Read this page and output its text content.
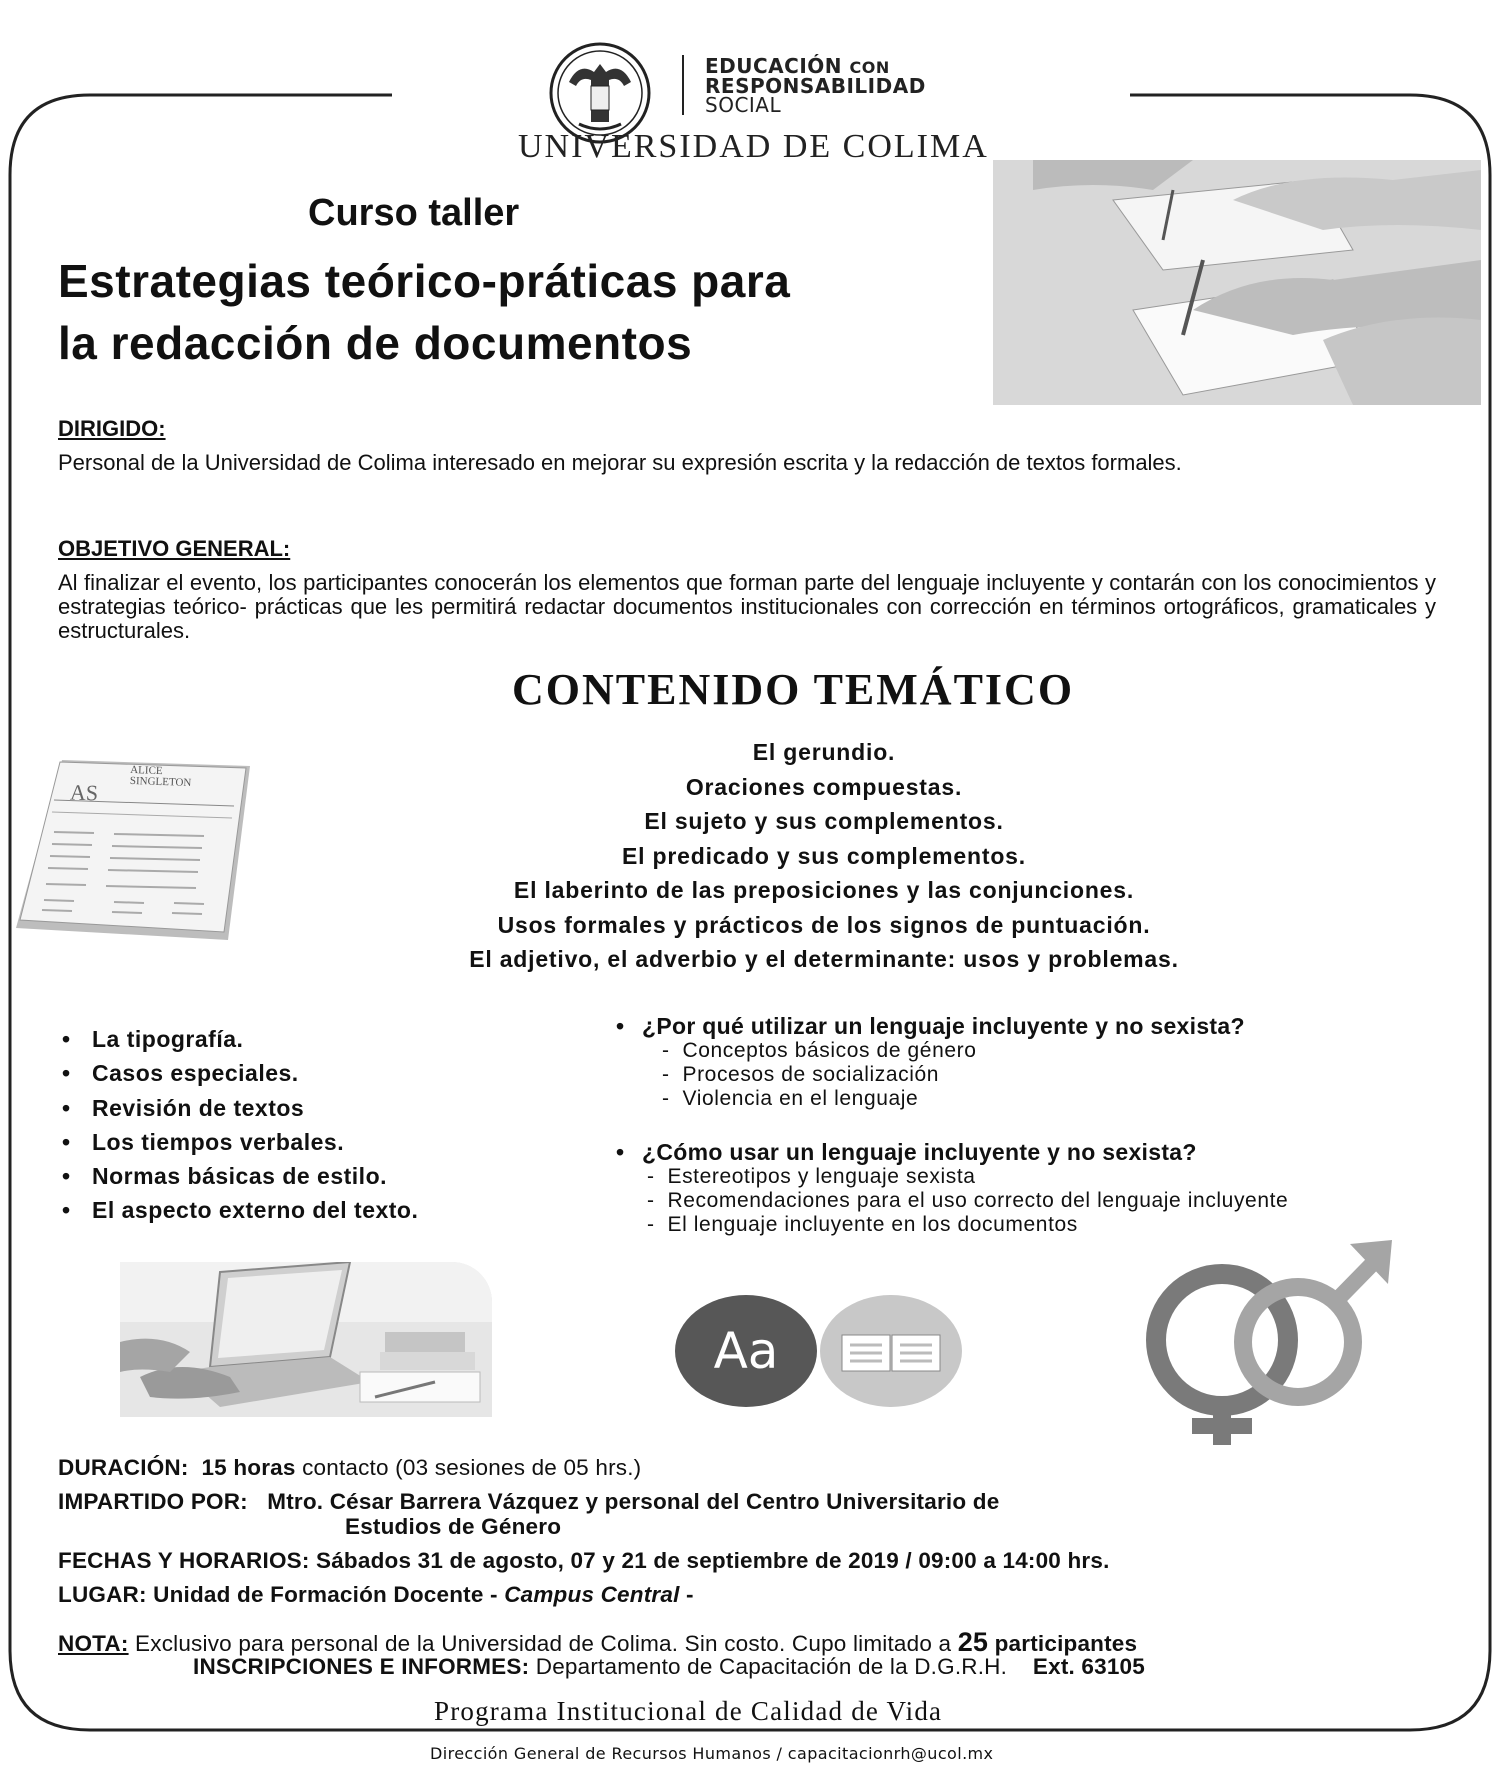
EDUCACIÓN CON
RESPONSABILIDAD
SOCIAL
UNIVERSIDAD DE COLIMA
Curso taller
Estrategias teórico-práticas para
la redacción de documentos
DIRIGIDO:
Personal de la Universidad de Colima interesado en mejorar su expresión escrita y la redacción de textos formales.
OBJETIVO GENERAL:
Al finalizar el evento, los participantes conocerán los elementos que forman parte del lenguaje incluyente y contarán con los conocimientos y estrategias teórico- prácticas que les permitirá redactar documentos institucionales con corrección en términos ortográficos, gramaticales y estructurales.
CONTENIDO TEMÁTICO
AS
ALICE
SINGLETON
El gerundio.
Oraciones compuestas.
El sujeto y sus complementos.
El predicado y sus complementos.
El laberinto de las preposiciones y las conjunciones.
Usos formales y prácticos de los signos de puntuación.
El adjetivo, el adverbio y el determinante: usos y problemas.
• La tipografía.
• Casos especiales.
• Revisión de textos
• Los tiempos verbales.
• Normas básicas de estilo.
• El aspecto externo del texto.
• ¿Por qué utilizar un lenguaje incluyente y no sexista?
-  Conceptos básicos de género
-  Procesos de socialización
-  Violencia en el lenguaje
• ¿Cómo usar un lenguaje incluyente y no sexista?
-  Estereotipos y lenguaje sexista
-  Recomendaciones para el uso correcto del lenguaje incluyente
-  El lenguaje incluyente en los documentos
Aa
DURACIÓN: 15 horas contacto (03 sesiones de 05 hrs.)
IMPARTIDO POR: Mtro. César Barrera Vázquez y personal del Centro Universitario de
Estudios de Género
FECHAS Y HORARIOS: Sábados 31 de agosto, 07 y 21 de septiembre de 2019 / 09:00 a 14:00 hrs.
LUGAR: Unidad de Formación Docente - Campus Central -
NOTA: Exclusivo para personal de la Universidad de Colima. Sin costo. Cupo limitado a 25 participantes
INSCRIPCIONES E INFORMES: Departamento de Capacitación de la D.G.R.H. Ext. 63105
Programa Institucional de Calidad de Vida
Dirección General de Recursos Humanos / capacitacionrh@ucol.mx
